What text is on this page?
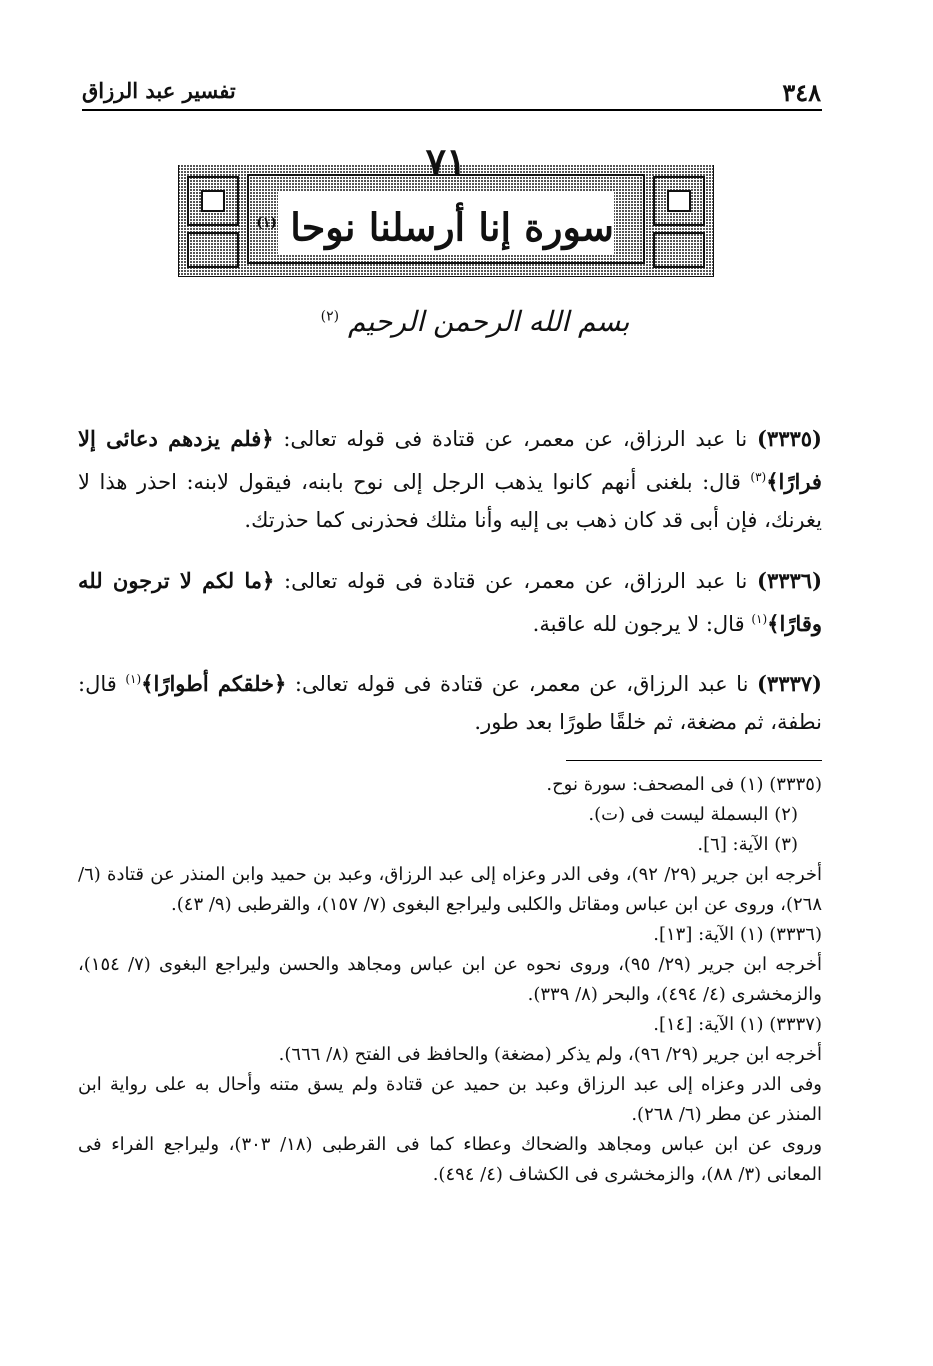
تفسير عبد الرزاق	٣٤٨
٧١
سورة إنا أرسلنا نوحا $^{(١)}$
بسم الله الرحمن الرحيم $^{(٢)}$

(٣٣٣٥) نا عبد الرزاق، عن معمر، عن قتادة فى قوله تعالى: ﴿فلم يزدهم دعائى إلا فرارًا﴾$^{(٣)}$ قال: بلغنى أنهم كانوا يذهب الرجل إلى نوح بابنه، فيقول لابنه: احذر هذا لا يغرنك، فإن أبى قد كان ذهب بى إليه وأنا مثلك فحذرنى كما حذرتك.

(٣٣٣٦) نا عبد الرزاق، عن معمر، عن قتادة فى قوله تعالى: ﴿ما لكم لا ترجون لله وقارًا﴾$^{(١)}$ قال: لا يرجون لله عاقبة.

(٣٣٣٧) نا عبد الرزاق، عن معمر، عن قتادة فى قوله تعالى: ﴿خلقكم أطوارًا﴾$^{(١)}$ قال: نطفة، ثم مضغة، ثم خلقًا طورًا بعد طور.

(٣٣٣٥) (١) فى المصحف: سورة نوح.

(٢) البسملة ليست فى (ت).

(٣) الآية: [٦].

أخرجه ابن جرير (٢٩/ ٩٢)، وفى الدر وعزاه إلى عبد الرزاق، وعبد بن حميد وابن المنذر عن قتادة (٦/ ٢٦٨)، وروى عن ابن عباس ومقاتل والكلبى وليراجع البغوى (٧/ ١٥٧)، والقرطبى (٩/ ٤٣).

(٣٣٣٦) (١) الآية: [١٣].

أخرجه ابن جرير (٢٩/ ٩٥)، وروى نحوه عن ابن عباس ومجاهد والحسن وليراجع البغوى (٧/ ١٥٤)، والزمخشرى (٤/ ٤٩٤)، والبحر (٨/ ٣٣٩).

(٣٣٣٧) (١) الآية: [١٤].

أخرجه ابن جرير (٢٩/ ٩٦)، ولم يذكر (مضغة) والحافظ فى الفتح (٨/ ٦٦٦).

وفى الدر وعزاه إلى عبد الرزاق وعبد بن حميد عن قتادة ولم يسق متنه وأحال به على رواية ابن المنذر عن مطر (٦/ ٢٦٨).

وروى عن ابن عباس ومجاهد والضحاك وعطاء كما فى القرطبى (١٨/ ٣٠٣)، وليراجع الفراء فى المعانى (٣/ ٨٨)، والزمخشرى فى الكشاف (٤/ ٤٩٤).
